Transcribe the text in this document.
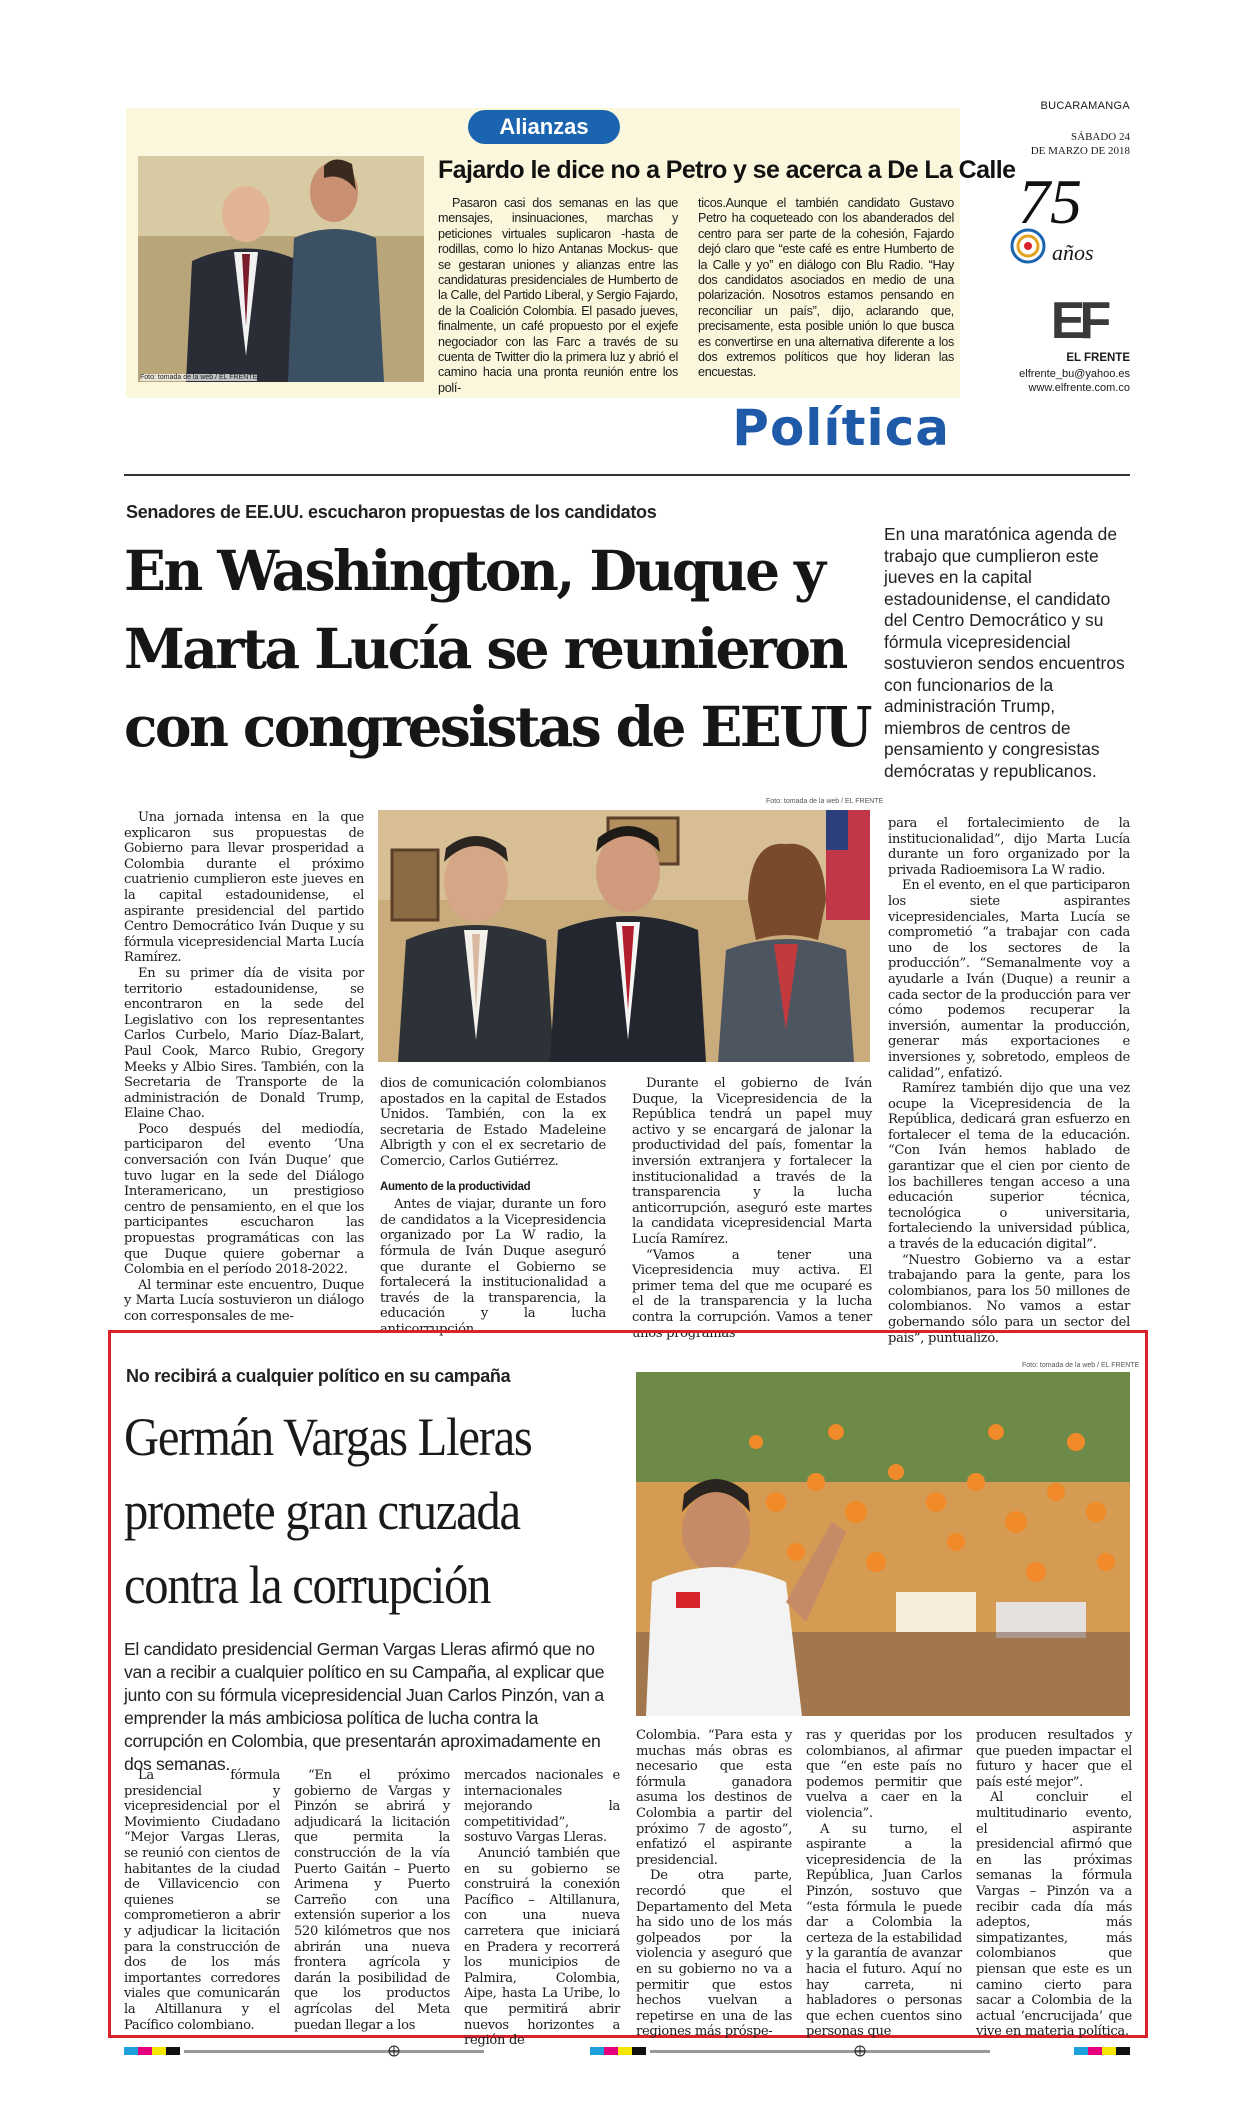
Alianzas
Foto: tomada de la web / EL FRENTE
Fajardo le dice no a Petro y se acerca a De La Calle
Pasaron casi dos semanas en las que mensajes, insinuaciones, marchas y peticiones virtuales suplicaron -hasta de rodillas, como lo hizo Antanas Mockus- que se gestaran uniones y alianzas entre las candidaturas presidenciales de Humberto de la Calle, del Partido Liberal, y Sergio Fajardo, de la Coalición Colombia. El pasado jueves, finalmente, un café propuesto por el exjefe negociador con las Farc a través de su cuenta de Twitter dio la primera luz y abrió el camino hacia una pronta reunión entre los polí-
ticos.Aunque el también candidato Gustavo Petro ha coqueteado con los abanderados del centro para ser parte de la cohesión, Fajardo dejó claro que “este café es entre Humberto de la Calle y yo” en diálogo con Blu Radio. “Hay dos candidatos asociados en medio de una polarización. Nosotros estamos pensando en reconciliar un país”, dijo, aclarando que, precisamente, esta posible unión lo que busca es convertirse en una alternativa diferente a los dos extremos políticos que hoy lideran las encuestas.
BUCARAMANGA
SÁBADO 24
DE MARZO DE 2018
75
años
EF
EL FRENTE
elfrente_bu@yahoo.es
www.elfrente.com.co
Política
Senadores de EE.UU. escucharon propuestas de los candidatos
En Washington, Duque y
Marta Lucía se reunieron
con congresistas de EEUU
En una maratónica agenda de trabajo que cumplieron este jueves en la capital estadounidense, el candidato del Centro Democrático y su fórmula vicepresidencial sostuvieron sendos encuentros con funcionarios de la administración Trump, miembros de centros de pensamiento y congresistas demócratas y republicanos.
Foto: tomada de la web / EL FRENTE

Una jornada intensa en la que explicaron sus propuestas de Gobierno para llevar prosperidad a Colombia durante el próximo cuatrienio cumplieron este jueves en la capital estadounidense, el aspirante presidencial del partido Centro Democrático Iván Duque y su fórmula vicepresidencial Marta Lucía Ramírez.

En su primer día de visita por territorio estadounidense, se encontraron en la sede del Legislativo con los representantes Carlos Curbelo, Mario Díaz-Balart, Paul Cook, Marco Rubio, Gregory Meeks y Albio Sires. También, con la Secretaria de Transporte de la administración de Donald Trump, Elaine Chao.

Poco después del mediodía, participaron del evento ‘Una conversación con Iván Duque’ que tuvo lugar en la sede del Diálogo Interamericano, un prestigioso centro de pensamiento, en el que los participantes escucharon las propuestas programáticas con las que Duque quiere gobernar a Colombia en el período 2018-2022.

Al terminar este encuentro, Duque y Marta Lucía sostuvieron un diálogo con corresponsales de me-

dios de comunicación colombianos apostados en la capital de Estados Unidos. También, con la ex secretaria de Estado Madeleine Albrigth y con el ex secretario de Comercio, Carlos Gutiérrez.

Aumento de la productividad

Antes de viajar, durante un foro de candidatos a la Vicepresidencia organizado por La W radio, la fórmula de Iván Duque aseguró que durante el Gobierno se fortalecerá la institucionalidad a través de la transparencia, la educación y la lucha anticorrupción.

Durante el gobierno de Iván Duque, la Vicepresidencia de la República tendrá un papel muy activo y se encargará de jalonar la productividad del país, fomentar la inversión extranjera y fortalecer la institucionalidad a través de la transparencia y la lucha anticorrupción, aseguró este martes la candidata vicepresidencial Marta Lucía Ramírez.

“Vamos a tener una Vicepresidencia muy activa. El primer tema del que me ocuparé es el de la transparencia y la lucha contra la corrupción. Vamos a tener unos programas

para el fortalecimiento de la institucionalidad”, dijo Marta Lucía durante un foro organizado por la privada Radioemisora La W radio.

En el evento, en el que participaron los siete aspirantes vicepresidenciales, Marta Lucía se comprometió “a trabajar con cada uno de los sectores de la producción”. “Semanalmente voy a ayudarle a Iván (Duque) a reunir a cada sector de la producción para ver cómo podemos recuperar la inversión, aumentar la producción, generar más exportaciones e inversiones y, sobretodo, empleos de calidad”, enfatizó.

Ramírez también dijo que una vez ocupe la Vicepresidencia de la República, dedicará gran esfuerzo en fortalecer el tema de la educación. “Con Iván hemos hablado de garantizar que el cien por ciento de los bachilleres tengan acceso a una educación superior técnica, tecnológica o universitaria, fortaleciendo la universidad pública, a través de la educación digital”.

“Nuestro Gobierno va a estar trabajando para la gente, para los colombianos, para los 50 millones de colombianos. No vamos a estar gobernando sólo para un sector del país”, puntualizó.

No recibirá a cualquier político en su campaña
Germán Vargas Lleras
promete gran cruzada
contra la corrupción
Foto: tomada de la web / EL FRENTE
El candidato presidencial German Vargas Lleras afirmó que no van a recibir a cualquier político en su Campaña, al explicar que junto con su fórmula vicepresidencial Juan Carlos Pinzón, van a emprender la más ambiciosa política de lucha contra la corrupción en Colombia, que presentarán aproximadamente en dos semanas.

La fórmula presidencial y vicepresidencial por el Movimiento Ciudadano “Mejor Vargas Lleras, se reunió con cientos de habitantes de la ciudad de Villavicencio con quienes se comprometieron a abrir y adjudicar la licitación para la construcción de dos de los más importantes corredores viales que comunicarán la Altillanura y el Pacífico colombiano.

“En el próximo gobierno de Vargas y Pinzón se abrirá y adjudicará la licitación que permita la construcción de la vía Puerto Gaitán – Puerto Arimena y Puerto Carreño con una extensión superior a los 520 kilómetros que nos abrirán una nueva frontera agrícola y darán la posibilidad de que los productos agrícolas del Meta puedan llegar a los

mercados nacionales e internacionales mejorando la competitividad”, sostuvo Vargas Lleras.

Anunció también que en su gobierno se construirá la conexión Pacífico – Altillanura, con una nueva carretera que iniciará en Pradera y recorrerá los municipios de Palmira, Colombia, Aipe, hasta La Uribe, lo que permitirá abrir nuevos horizontes a región de

Colombia. “Para esta y muchas más obras es necesario que esta fórmula ganadora asuma los destinos de Colombia a partir del próximo 7 de agosto”, enfatizó el aspirante presidencial.

De otra parte, recordó que el Departamento del Meta ha sido uno de los más golpeados por la violencia y aseguró que en su gobierno no va a permitir que estos hechos vuelvan a repetirse en una de las regiones más próspe-

ras y queridas por los colombianos, al afirmar que “en este país no podemos permitir que vuelva a caer en la violencia”.

A su turno, el aspirante a la vicepresidencia de la República, Juan Carlos Pinzón, sostuvo que “esta fórmula le puede dar a Colombia la certeza de la estabilidad y la garantía de avanzar hacia el futuro. Aquí no hay carreta, ni habladores o personas que echen cuentos sino personas que

producen resultados y que pueden impactar el futuro y hacer que el país esté mejor”.

Al concluir el multitudinario evento, el aspirante presidencial afirmó que en las próximas semanas la fórmula Vargas – Pinzón va a recibir cada día más adeptos, más simpatizantes, más colombianos que piensan que este es un camino cierto para sacar a Colombia de la actual ‘encrucijada’ que vive en materia política.
